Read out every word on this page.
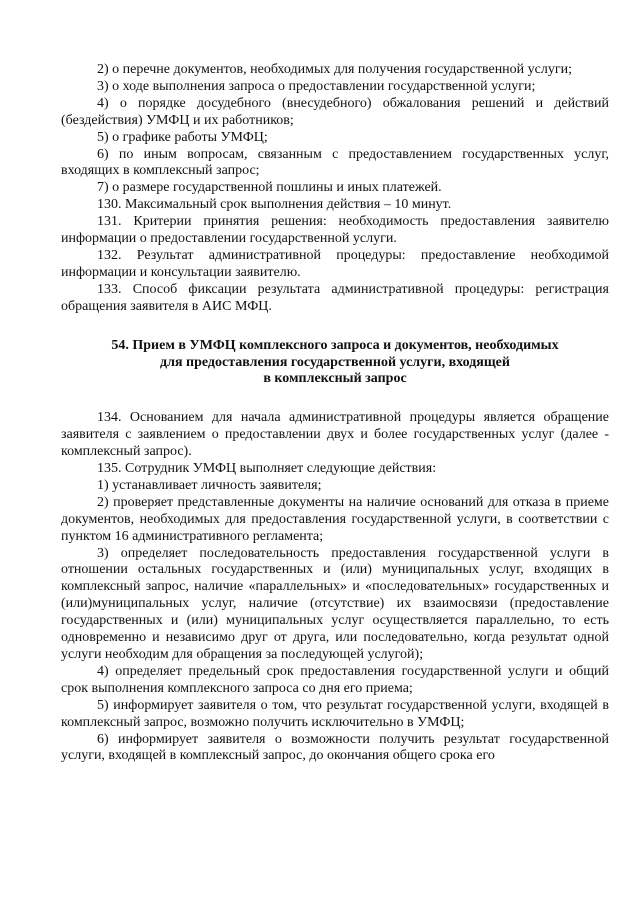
2) о перечне документов, необходимых для получения государственной услуги;

3) о ходе выполнения запроса о предоставлении государственной услуги;

4) о порядке досудебного (внесудебного) обжалования решений и действий (бездействия) УМФЦ и их работников;

5) о графике работы УМФЦ;

6) по иным вопросам, связанным с предоставлением государственных услуг, входящих в комплексный запрос;

7) о размере государственной пошлины и иных платежей.

130. Максимальный срок выполнения действия – 10 минут.

131. Критерии принятия решения: необходимость предоставления заявителю информации о предоставлении государственной услуги.

132. Результат административной процедуры: предоставление необходимой информации и консультации заявителю.

133. Способ фиксации результата административной процедуры: регистрация обращения заявителя в АИС МФЦ.

54. Прием в УМФЦ комплексного запроса и документов, необходимых
для предоставления государственной услуги, входящей
в комплексный запрос

134. Основанием для начала административной процедуры является обращение заявителя с заявлением о предоставлении двух и более государственных услуг (далее - комплексный запрос).

135. Сотрудник УМФЦ выполняет следующие действия:

1) устанавливает личность заявителя;

2) проверяет представленные документы на наличие оснований для отказа в приеме документов, необходимых для предоставления государственной услуги, в соответствии с пунктом 16 административного регламента;

3) определяет последовательность предоставления государственной услуги в отношении остальных государственных и (или) муниципальных услуг, входящих в комплексный запрос, наличие «параллельных» и «последовательных» государственных и (или)муниципальных услуг, наличие (отсутствие) их взаимосвязи (предоставление государственных и (или) муниципальных услуг осуществляется параллельно, то есть одновременно и независимо друг от друга, или последовательно, когда результат одной услуги необходим для обращения за последующей услугой);

4) определяет предельный срок предоставления государственной услуги и общий срок выполнения комплексного запроса со дня его приема;

5) информирует заявителя о том, что результат государственной услуги, входящей в комплексный запрос, возможно получить исключительно в УМФЦ;

6) информирует заявителя о возможности получить результат государственной услуги, входящей в комплексный запрос, до окончания общего срока его
